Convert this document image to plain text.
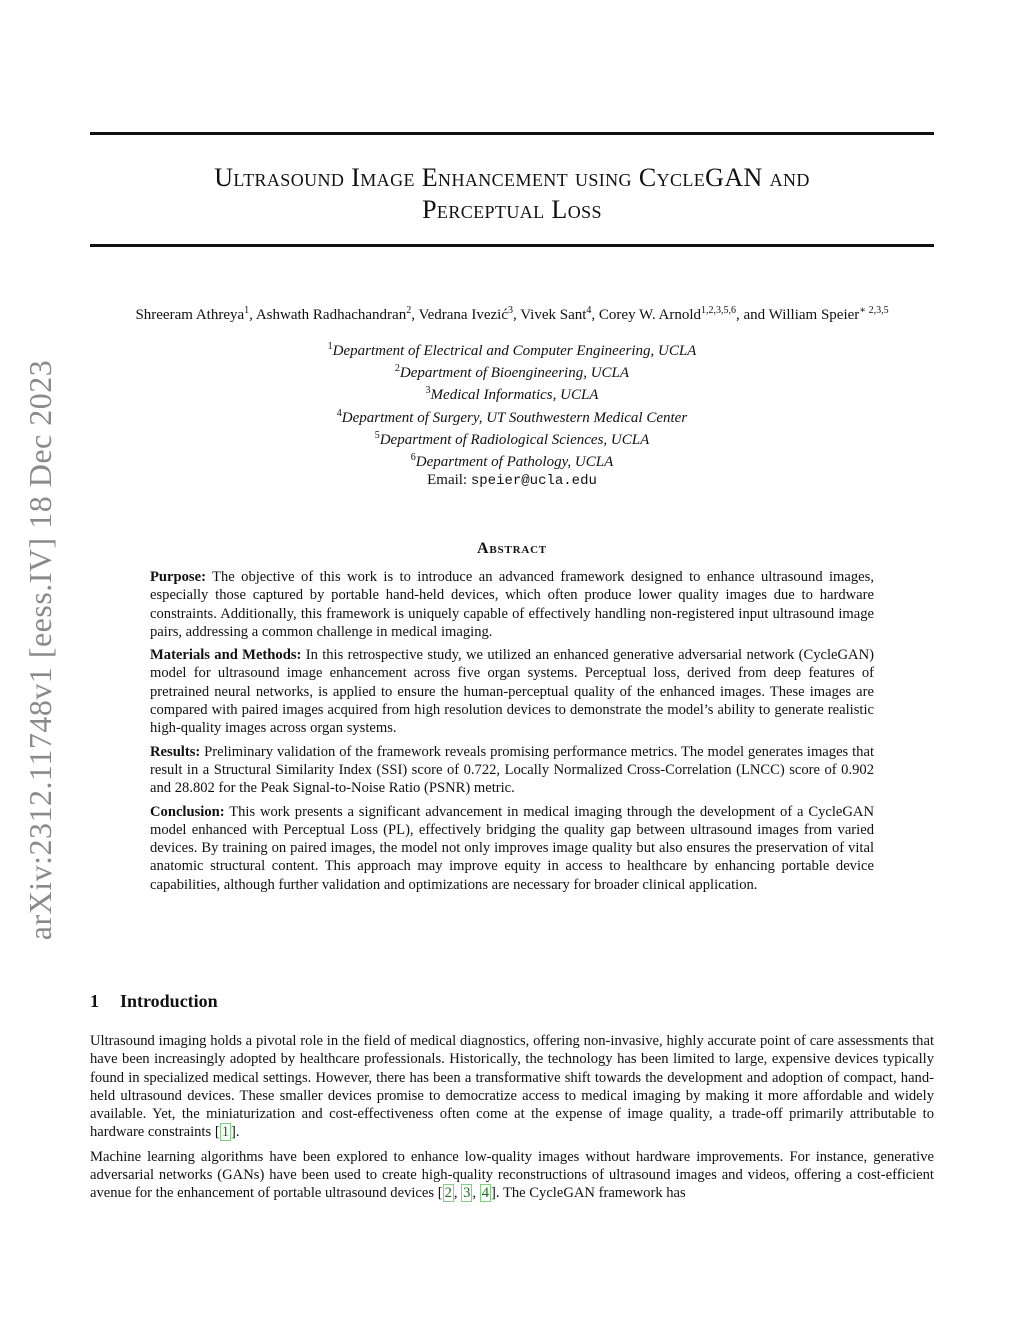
arXiv:2312.11748v1 [eess.IV] 18 Dec 2023
Ultrasound Image Enhancement using CycleGAN and
Perceptual Loss
Shreeram Athreya$^1$, Ashwath Radhachandran$^2$, Vedrana Ivezić$^3$, Vivek Sant$^4$, Corey W. Arnold$^{1,2,3,5,6}$, and William Speier$^{∗ 2,3,5}$
$^1$Department of Electrical and Computer Engineering, UCLA
$^2$Department of Bioengineering, UCLA
$^3$Medical Informatics, UCLA
$^4$Department of Surgery, UT Southwestern Medical Center
$^5$Department of Radiological Sciences, UCLA
$^6$Department of Pathology, UCLA
Email: speier@ucla.edu
Abstract

Purpose: The objective of this work is to introduce an advanced framework designed to enhance ultrasound images, especially those captured by portable hand-held devices, which often produce lower quality images due to hardware constraints. Additionally, this framework is uniquely capable of effectively handling non-registered input ultrasound image pairs, addressing a common challenge in medical imaging.

Materials and Methods: In this retrospective study, we utilized an enhanced generative adversarial network (CycleGAN) model for ultrasound image enhancement across five organ systems. Perceptual loss, derived from deep features of pretrained neural networks, is applied to ensure the human-perceptual quality of the enhanced images. These images are compared with paired images acquired from high resolution devices to demonstrate the model’s ability to generate realistic high-quality images across organ systems.

Results: Preliminary validation of the framework reveals promising performance metrics. The model generates images that result in a Structural Similarity Index (SSI) score of 0.722, Locally Normalized Cross-Correlation (LNCC) score of 0.902 and 28.802 for the Peak Signal-to-Noise Ratio (PSNR) metric.

Conclusion: This work presents a significant advancement in medical imaging through the development of a CycleGAN model enhanced with Perceptual Loss (PL), effectively bridging the quality gap between ultrasound images from varied devices. By training on paired images, the model not only improves image quality but also ensures the preservation of vital anatomic structural content. This approach may improve equity in access to healthcare by enhancing portable device capabilities, although further validation and optimizations are necessary for broader clinical application.

1 Introduction

Ultrasound imaging holds a pivotal role in the field of medical diagnostics, offering non-invasive, highly accurate point of care assessments that have been increasingly adopted by healthcare professionals. Historically, the technology has been limited to large, expensive devices typically found in specialized medical settings. However, there has been a transformative shift towards the development and adoption of compact, hand-held ultrasound devices. These smaller devices promise to democratize access to medical imaging by making it more affordable and widely available. Yet, the miniaturization and cost-effectiveness often come at the expense of image quality, a trade-off primarily attributable to hardware constraints [ 1 ].

Machine learning algorithms have been explored to enhance low-quality images without hardware improvements. For instance, generative adversarial networks (GANs) have been used to create high-quality reconstructions of ultrasound images and videos, offering a cost-efficient avenue for the enhancement of portable ultrasound devices [ 2 , 3 , 4 ]. The CycleGAN framework has
